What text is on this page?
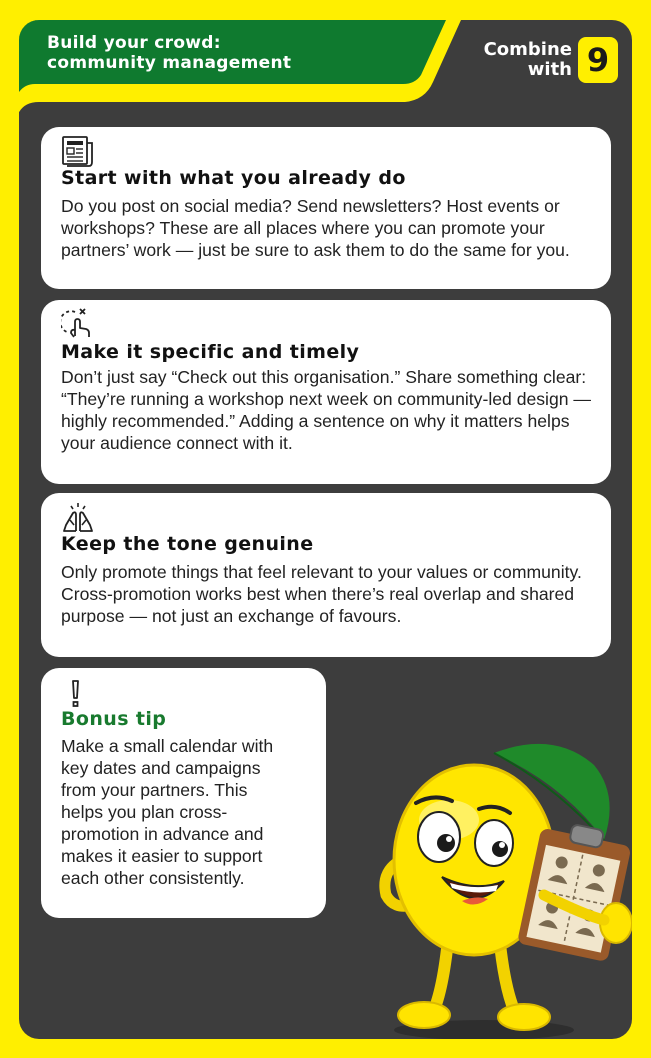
Build your crowd:
community management
Combine
with 9
Start with what you already do

Do you post on social media? Send newsletters? Host events or workshops? These are all places where you can promote your partners’ work — just be sure to ask them to do the same for you.

Make it specific and timely

Don’t just say “Check out this organisation.” Share something clear: “They’re running a workshop next week on community-led design — highly recommended.” Adding a sentence on why it matters helps your audience connect with it.

Keep the tone genuine

Only promote things that feel relevant to your values or community. Cross-promotion works best when there’s real overlap and shared purpose — not just an exchange of favours.

Bonus tip

Make a small calendar with key dates and campaigns from your partners. This helps you plan cross-promotion in advance and makes it easier to support each other consistently.
